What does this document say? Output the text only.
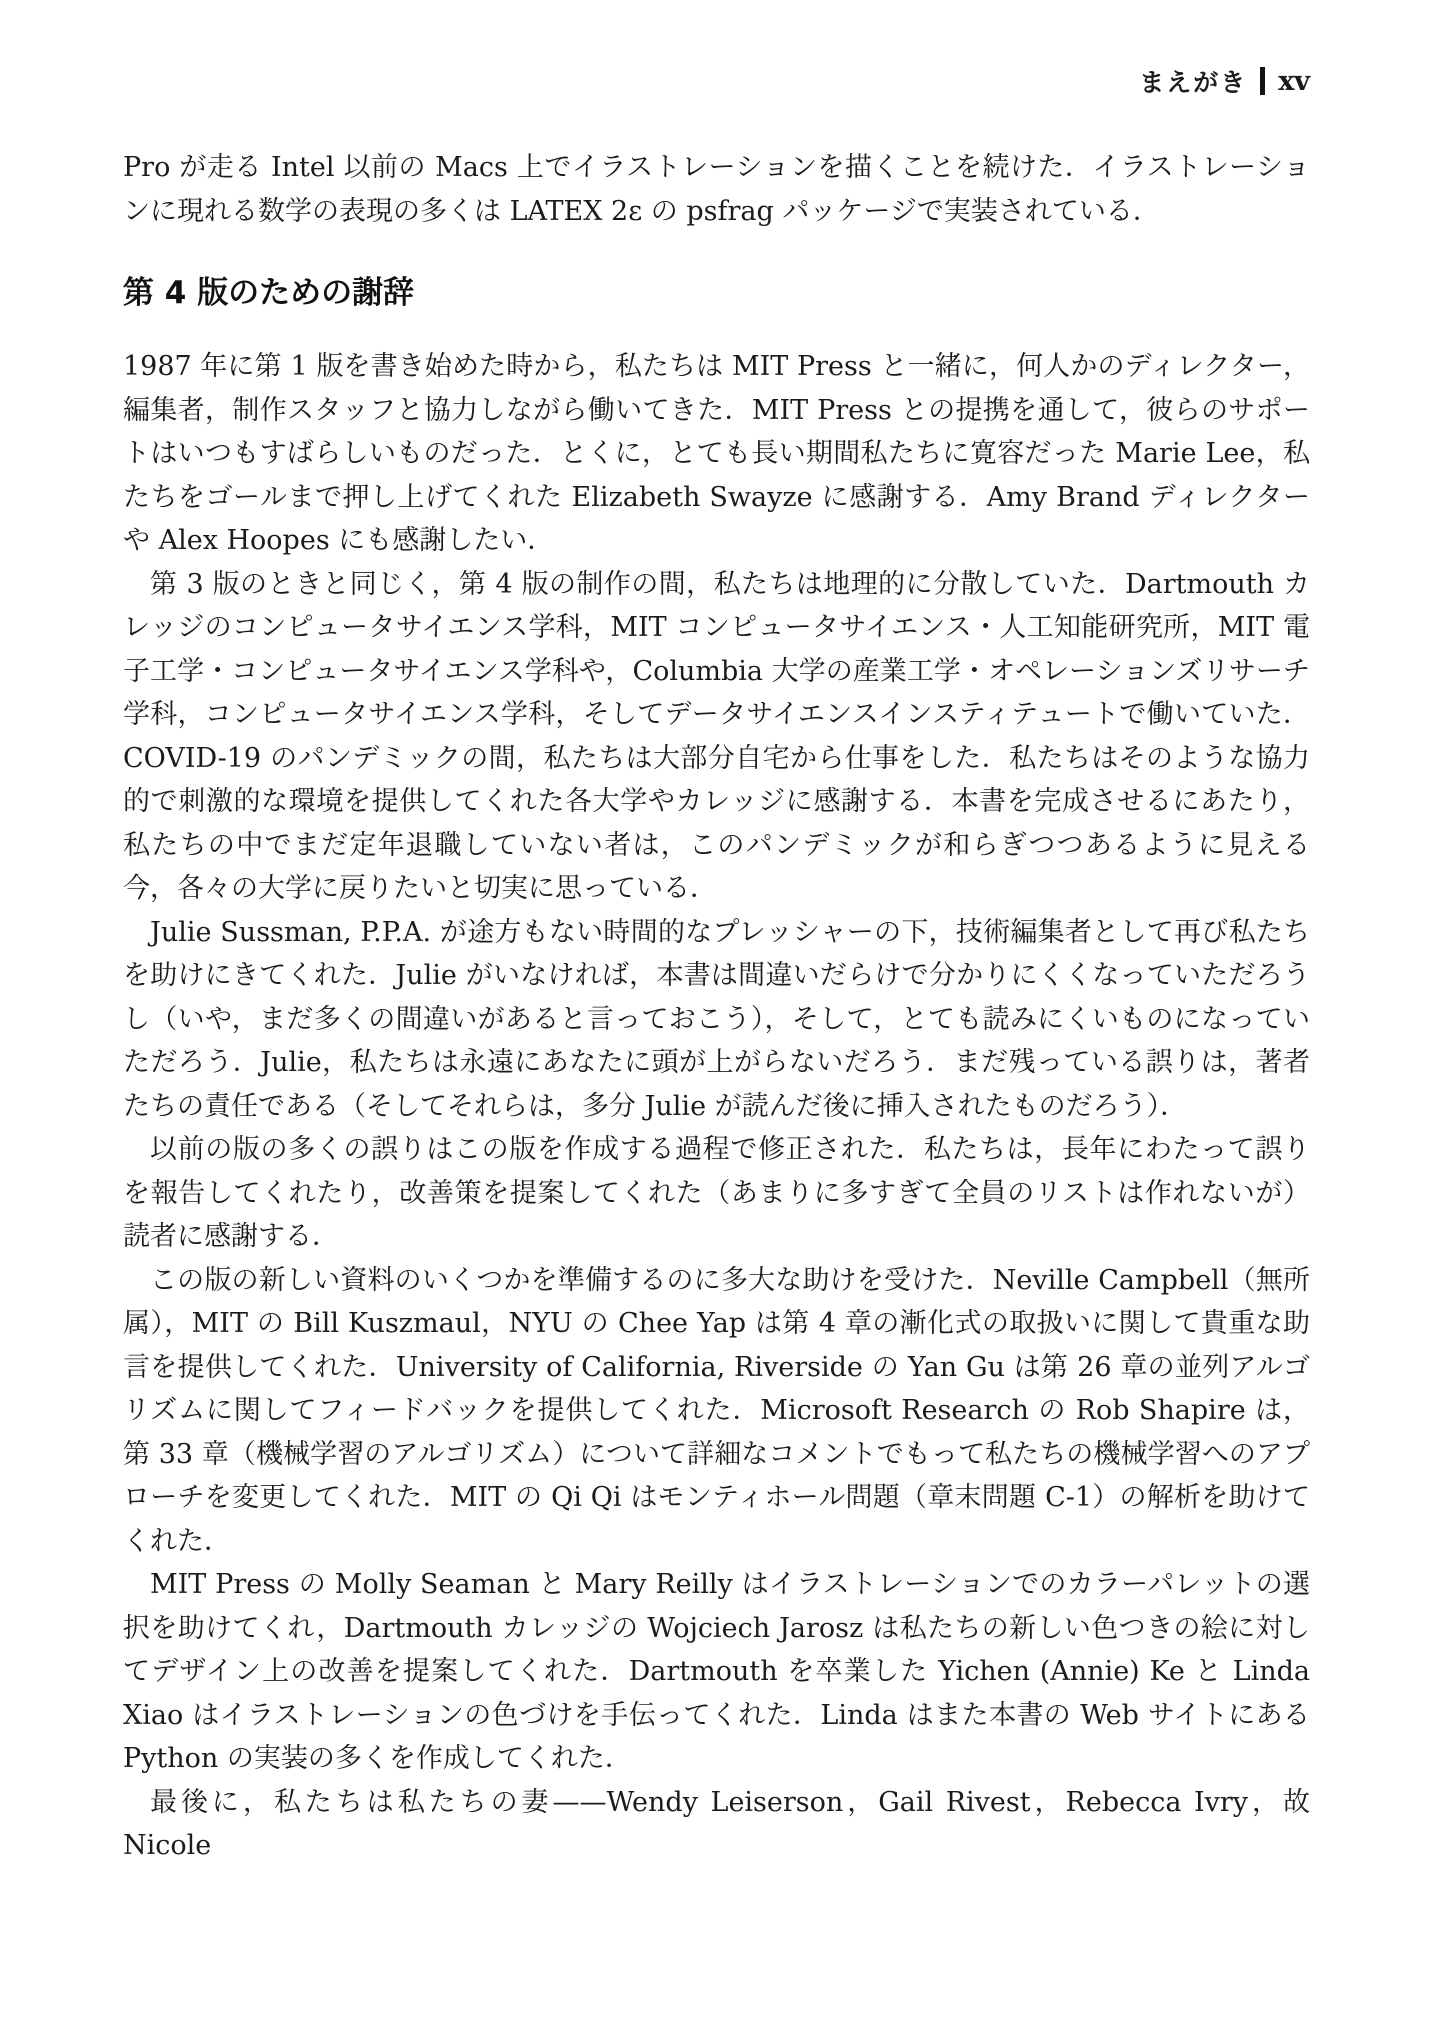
まえがき xv

Pro が走る Intel 以前の Macs 上でイラストレーションを描くことを続けた．イラストレーションに現れる数学の表現の多くは LATEX 2ε の psfrag パッケージで実装されている．

第 4 版のための謝辞

1987 年に第 1 版を書き始めた時から，私たちは MIT Press と一緒に，何人かのディレクター，編集者，制作スタッフと協力しながら働いてきた．MIT Press との提携を通して，彼らのサポートはいつもすばらしいものだった．とくに，とても長い期間私たちに寛容だった Marie Lee，私たちをゴールまで押し上げてくれた Elizabeth Swayze に感謝する．Amy Brand ディレクターや Alex Hoopes にも感謝したい．

第 3 版のときと同じく，第 4 版の制作の間，私たちは地理的に分散していた．Dartmouth カレッジのコンピュータサイエンス学科，MIT コンピュータサイエンス・人工知能研究所，MIT 電子工学・コンピュータサイエンス学科や，Columbia 大学の産業工学・オペレーションズリサーチ学科，コンピュータサイエンス学科，そしてデータサイエンスインスティテュートで働いていた．COVID-19 のパンデミックの間，私たちは大部分自宅から仕事をした．私たちはそのような協力的で刺激的な環境を提供してくれた各大学やカレッジに感謝する．本書を完成させるにあたり，私たちの中でまだ定年退職していない者は，このパンデミックが和らぎつつあるように見える今，各々の大学に戻りたいと切実に思っている．

Julie Sussman, P.P.A. が途方もない時間的なプレッシャーの下，技術編集者として再び私たちを助けにきてくれた．Julie がいなければ，本書は間違いだらけで分かりにくくなっていただろうし（いや，まだ多くの間違いがあると言っておこう），そして，とても読みにくいものになっていただろう．Julie，私たちは永遠にあなたに頭が上がらないだろう．まだ残っている誤りは，著者たちの責任である（そしてそれらは，多分 Julie が読んだ後に挿入されたものだろう）．

以前の版の多くの誤りはこの版を作成する過程で修正された．私たちは，長年にわたって誤りを報告してくれたり，改善策を提案してくれた（あまりに多すぎて全員のリストは作れないが）読者に感謝する．

この版の新しい資料のいくつかを準備するのに多大な助けを受けた．Neville Campbell（無所属），MIT の Bill Kuszmaul，NYU の Chee Yap は第 4 章の漸化式の取扱いに関して貴重な助言を提供してくれた．University of California, Riverside の Yan Gu は第 26 章の並列アルゴリズムに関してフィードバックを提供してくれた．Microsoft Research の Rob Shapire は，第 33 章（機械学習のアルゴリズム）について詳細なコメントでもって私たちの機械学習へのアプローチを変更してくれた．MIT の Qi Qi はモンティホール問題（章末問題 C-1）の解析を助けてくれた．

MIT Press の Molly Seaman と Mary Reilly はイラストレーションでのカラーパレットの選択を助けてくれ，Dartmouth カレッジの Wojciech Jarosz は私たちの新しい色つきの絵に対してデザイン上の改善を提案してくれた．Dartmouth を卒業した Yichen (Annie) Ke と Linda Xiao はイラストレーションの色づけを手伝ってくれた．Linda はまた本書の Web サイトにある Python の実装の多くを作成してくれた．

最後に，私たちは私たちの妻——Wendy Leiserson，Gail Rivest，Rebecca Ivry，故 Nicole
